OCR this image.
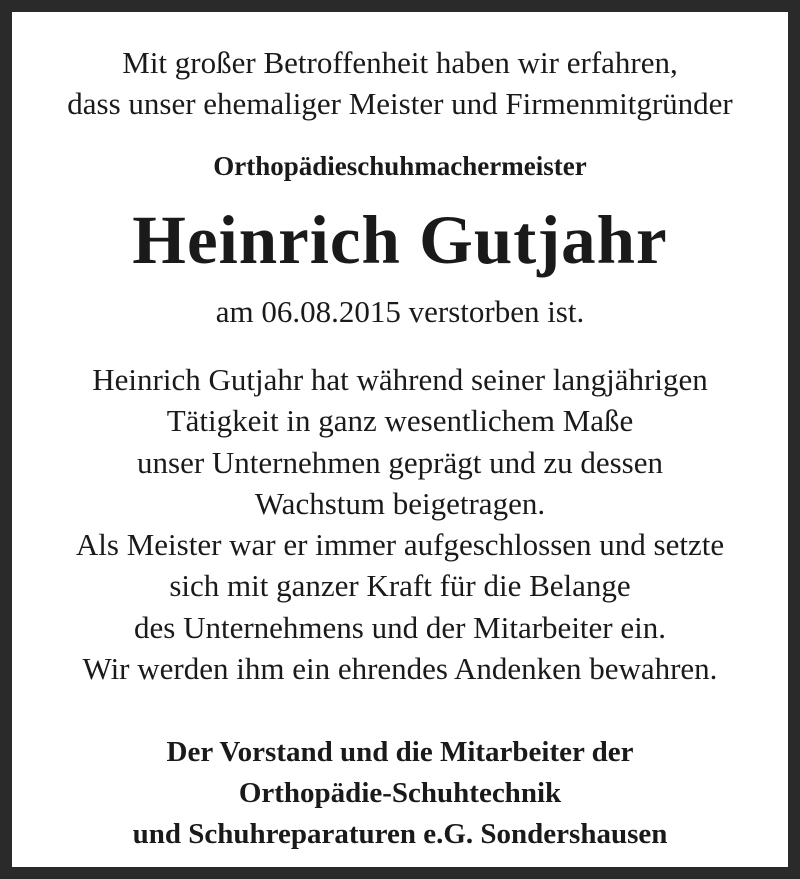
Mit großer Betroffenheit haben wir erfahren,
dass unser ehemaliger Meister und Firmenmitgründer
Orthopädieschuhmachermeister
Heinrich Gutjahr
am 06.08.2015 verstorben ist.
Heinrich Gutjahr hat während seiner langjährigen
Tätigkeit in ganz wesentlichem Maße
unser Unternehmen geprägt und zu dessen
Wachstum beigetragen.
Als Meister war er immer aufgeschlossen und setzte
sich mit ganzer Kraft für die Belange
des Unternehmens und der Mitarbeiter ein.
Wir werden ihm ein ehrendes Andenken bewahren.
Der Vorstand und die Mitarbeiter der
Orthopädie-Schuhtechnik
und Schuhreparaturen e.G. Sondershausen
